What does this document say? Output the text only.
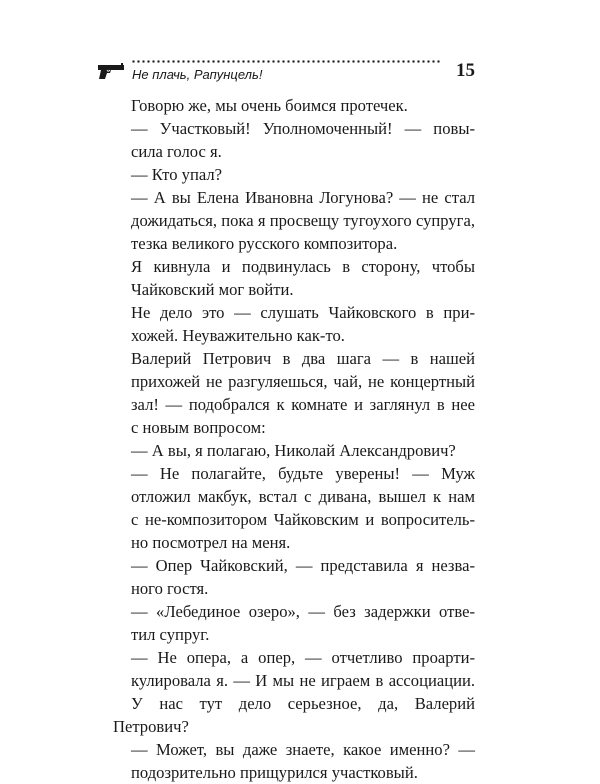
Не плачь, Рапунцель!	15

Говорю же, мы очень боимся протечек.

— Участковый! Уполномоченный! — повы-
сила голос я.

— Кто упал?

— А вы Елена Ивановна Логунова? — не стал
дожидаться, пока я просвещу тугоухого супруга,
тезка великого русского композитора.

Я кивнула и подвинулась в сторону, чтобы
Чайковский мог войти.

Не дело это — слушать Чайковского в при-
хожей. Неуважительно как-то.

Валерий Петрович в два шага — в нашей
прихожей не разгуляешься, чай, не концертный
зал! — подобрался к комнате и заглянул в нее
с новым вопросом:

— А вы, я полагаю, Николай Александрович?

— Не полагайте, будьте уверены! — Муж
отложил макбук, встал с дивана, вышел к нам
с не-композитором Чайковским и вопроситель-
но посмотрел на меня.

— Опер Чайковский, — представила я незва-
ного гостя.

— «Лебединое озеро», — без задержки отве-
тил супруг.

— Не опера, а опер, — отчетливо проарти-
кулировала я. — И мы не играем в ассоциации.
У нас тут дело серьезное, да, Валерий Петрович?

— Может, вы даже знаете, какое именно? —
подозрительно прищурился участковый.
